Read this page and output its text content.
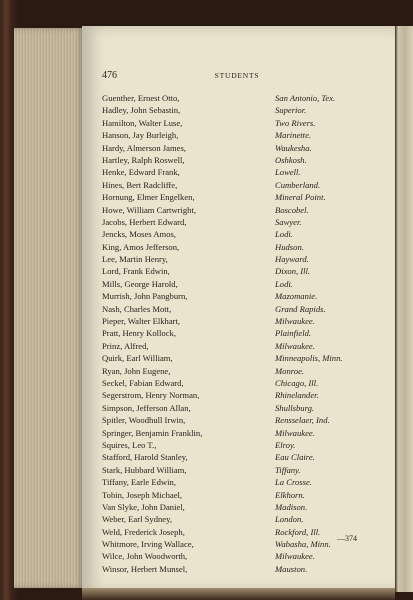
476	STUDENTS
Guenther, Ernest Otto,	San Antonio, Tex.
Hadley, John Sebastin,	Superior.
Hamilton, Walter Luse,	Two Rivers.
Hanson, Jay Burleigh,	Marinette.
Hardy, Almerson James,	Waukesha.
Hartley, Ralph Roswell,	Oshkosh.
Henke, Edward Frank,	Lowell.
Hines, Bert Radcliffe,	Cumberland.
Hornung, Elmer Engelken,	Mineral Point.
Howe, William Cartwright,	Boscobel.
Jacobs, Herbert Edward,	Sawyer.
Jencks, Moses Amos,	Lodi.
King, Amos Jefferson,	Hudson.
Lee, Martin Henry,	Hayward.
Lord, Frank Edwin,	Dixon, Ill.
Mills, George Harold,	Lodi.
Murrish, John Pangburn,	Mazomanie.
Nash, Charles Mott,	Grand Rapids.
Pieper, Walter Elkhart,	Milwaukee.
Pratt, Henry Kollock,	Plainfield.
Prinz, Alfred,	Milwaukee.
Quirk, Earl William,	Minneapolis, Minn.
Ryan, John Eugene,	Monroe.
Seckel, Fabian Edward,	Chicago, Ill.
Segerstrom, Henry Norman,	Rhinelander.
Simpson, Jefferson Allan,	Shullsburg.
Spitler, Woodhull Irwin,	Rensselaer, Ind.
Springer, Benjamin Franklin,	Milwaukee.
Squires, Leo T.,	Elroy.
Stafford, Harold Stanley,	Eau Claire.
Stark, Hubbard William,	Tiffany.
Tiffany, Earle Edwin,	La Crosse.
Tobin, Joseph Michael,	Elkhorn.
Van Slyke, John Daniel,	Madison.
Weber, Earl Sydney,	London.
Weld, Frederick Joseph,	Rockford, Ill.
Whitmore, Irving Wallace,	Wabasha, Minn.
Wilce, John Woodworth,	Milwaukee.
Winsor, Herbert Munsel,	Mauston.
—374
